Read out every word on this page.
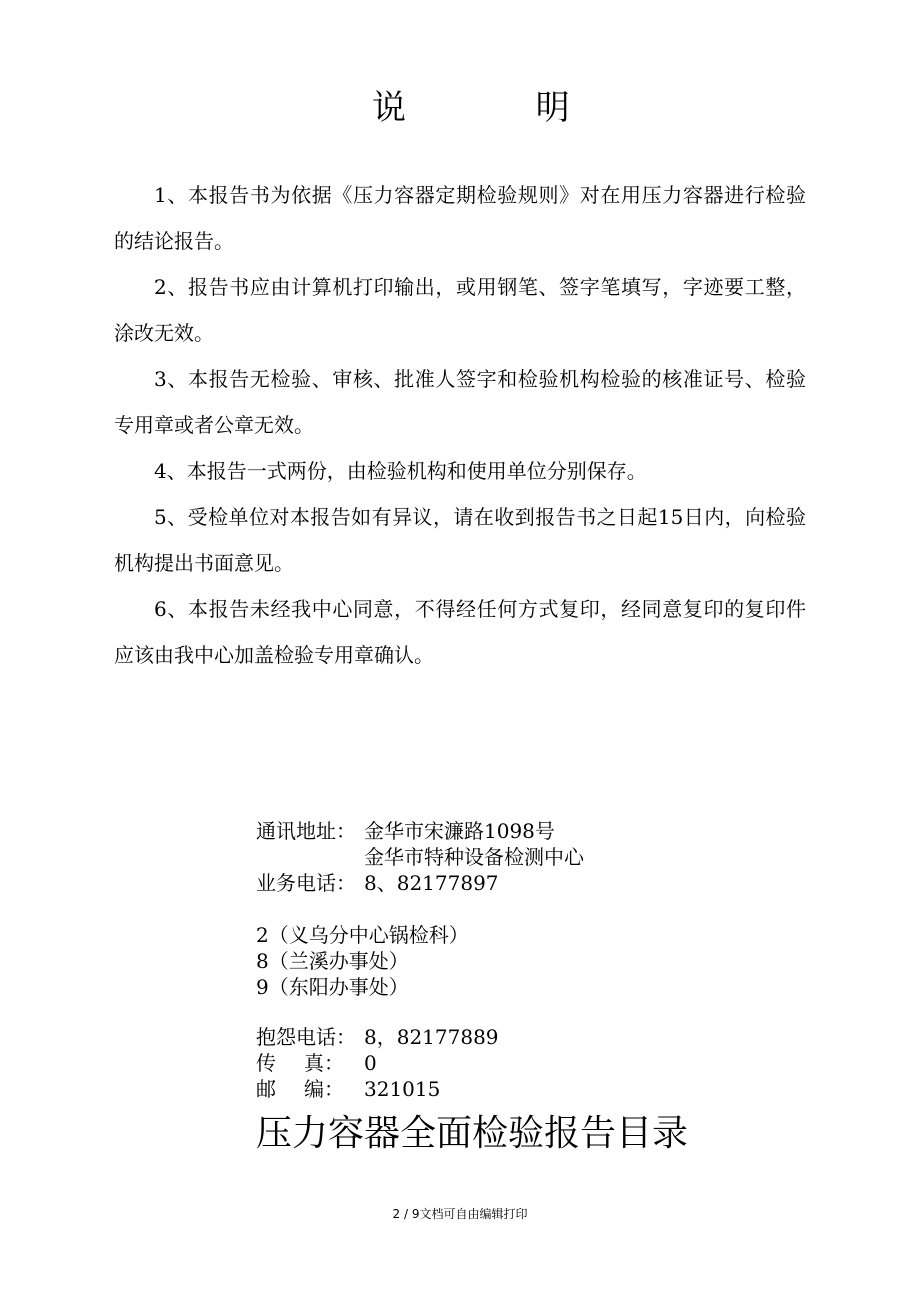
说	明

1、本报告书为依据《压力容器定期检验规则》对在用压力容器进行检验的结论报告。

2、报告书应由计算机打印输出，或用钢笔、签字笔填写，字迹要工整，涂改无效。

3、本报告无检验、审核、批准人签字和检验机构检验的核准证号、检验专用章或者公章无效。

4、本报告一式两份，由检验机构和使用单位分别保存。

5、受检单位对本报告如有异议，请在收到报告书之日起15日内，向检验机构提出书面意见。

6、本报告未经我中心同意，不得经任何方式复印，经同意复印的复印件应该由我中心加盖检验专用章确认。

通讯地址： 金华市宋濂路1098号
金华市特种设备检测中心
业务电话： 8、82177897
2（义乌分中心锅检科）
8（兰溪办事处）
9（东阳办事处）
抱怨电话： 8，82177889
传 真： 0
邮 编： 321015
压力容器全面检验报告目录
2 / 9文档可自由编辑打印
